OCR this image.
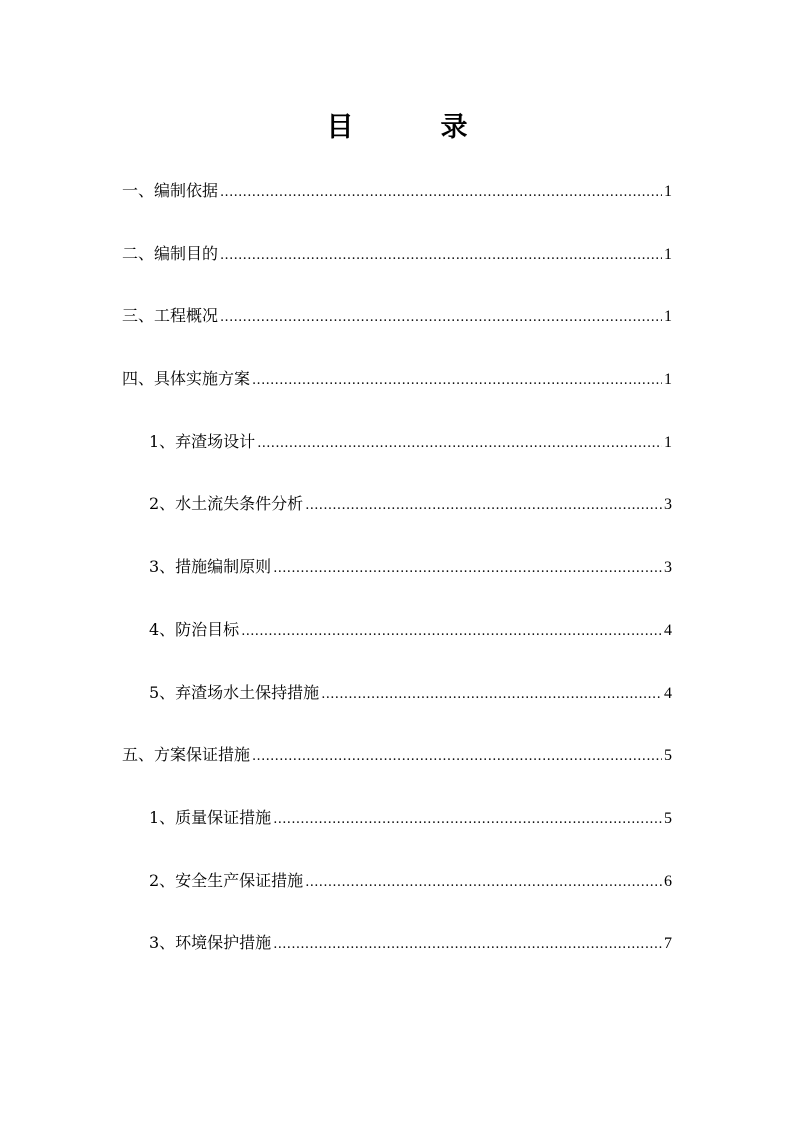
目　录
一、编制依据 .....	1
二、编制目的 .....	1
三、工程概况 .....	1
四、具体实施方案 .....	1
1、弃渣场设计 .....	1
2、水土流失条件分析 .....	3
3、措施编制原则 .....	3
4、防治目标 .....	4
5、弃渣场水土保持措施 .....	4
五、方案保证措施 .....	5
1、质量保证措施 .....	5
2、安全生产保证措施 .....	6
3、环境保护措施 .....	7
